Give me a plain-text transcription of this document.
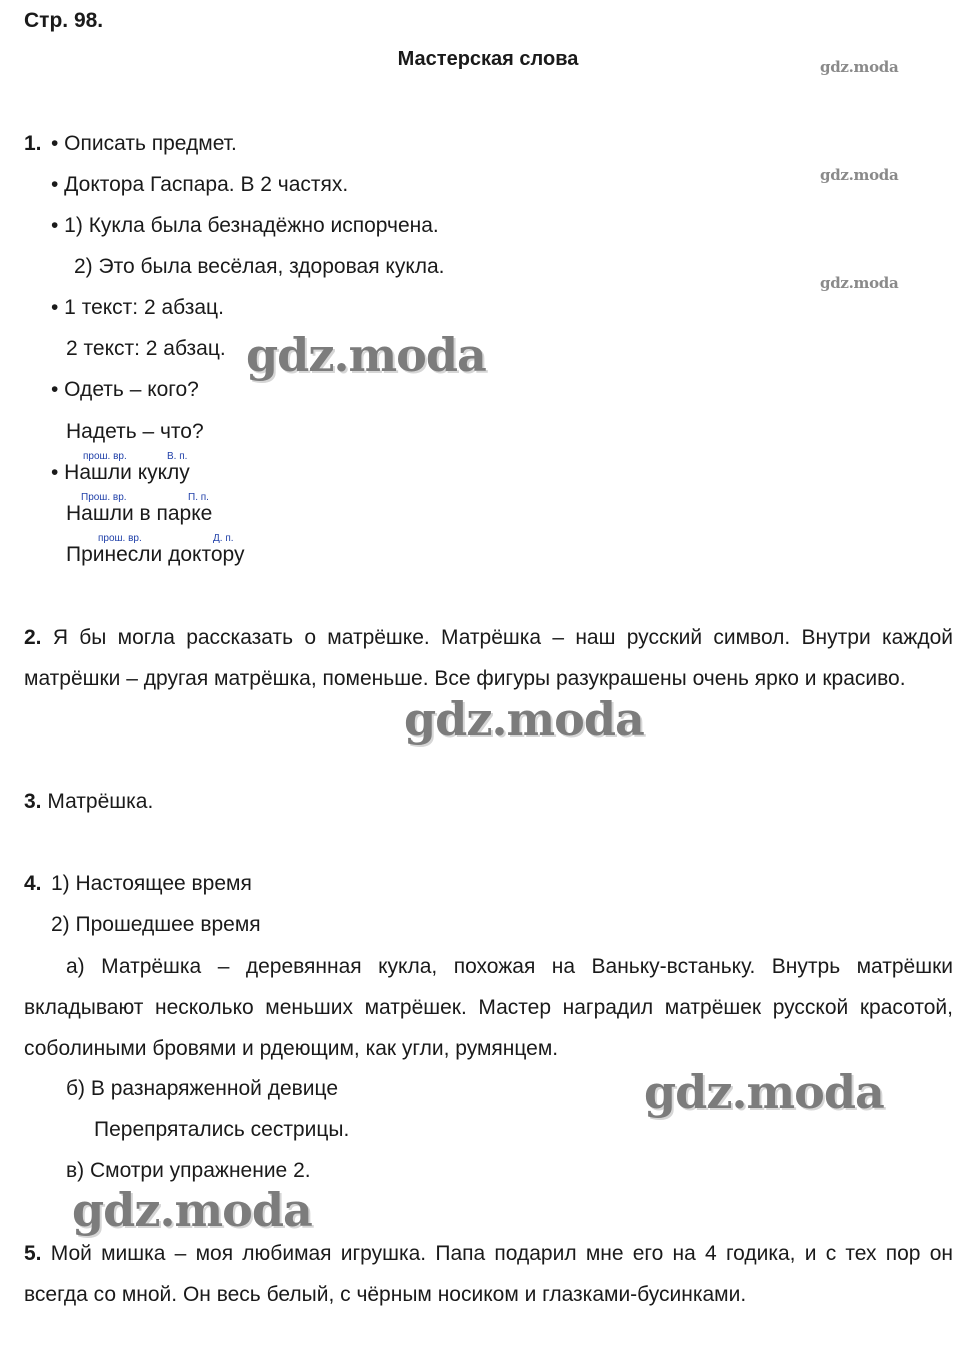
Стр. 98.
Мастерская слова	gdz.moda
gdz.moda
gdz.moda
1. • Описать предмет.
• Доктора Гаспара. В 2 частях.
• 1) Кукла была безнадёжно испорчена.
2) Это была весёлая, здоровая кукла.
• 1 текст: 2 абзац.
2 текст: 2 абзац.
• Одеть – кого?
Надеть – что?
прош. вр.	В. п.
• Нашли куклу
Прош. вр.	П. п.
Нашли в парке
прош. вр.	Д. п.
Принесли доктору
2. Я бы могла рассказать о матрёшке. Матрёшка – наш русский символ. Внутри каждой матрёшки – другая матрёшка, поменьше. Все фигуры разукрашены очень ярко и красиво.
3. Матрёшка.
4. 1) Настоящее время
2) Прошедшее время
а) Матрёшка – деревянная кукла, похожая на Ваньку-встаньку. Внутрь матрёшки вкладывают несколько меньших матрёшек. Мастер наградил матрёшек русской красотой, соболиными бровями и рдеющим, как угли, румянцем.
б) В разнаряженной девице
Перепрятались сестрицы.
в) Смотри упражнение 2.
5. Мой мишка – моя любимая игрушка. Папа подарил мне его на 4 годика, и с тех пор он всегда со мной. Он весь белый, с чёрным носиком и глазками-бусинками.
gdz.moda
gdz.moda
gdz.moda
gdz.moda
